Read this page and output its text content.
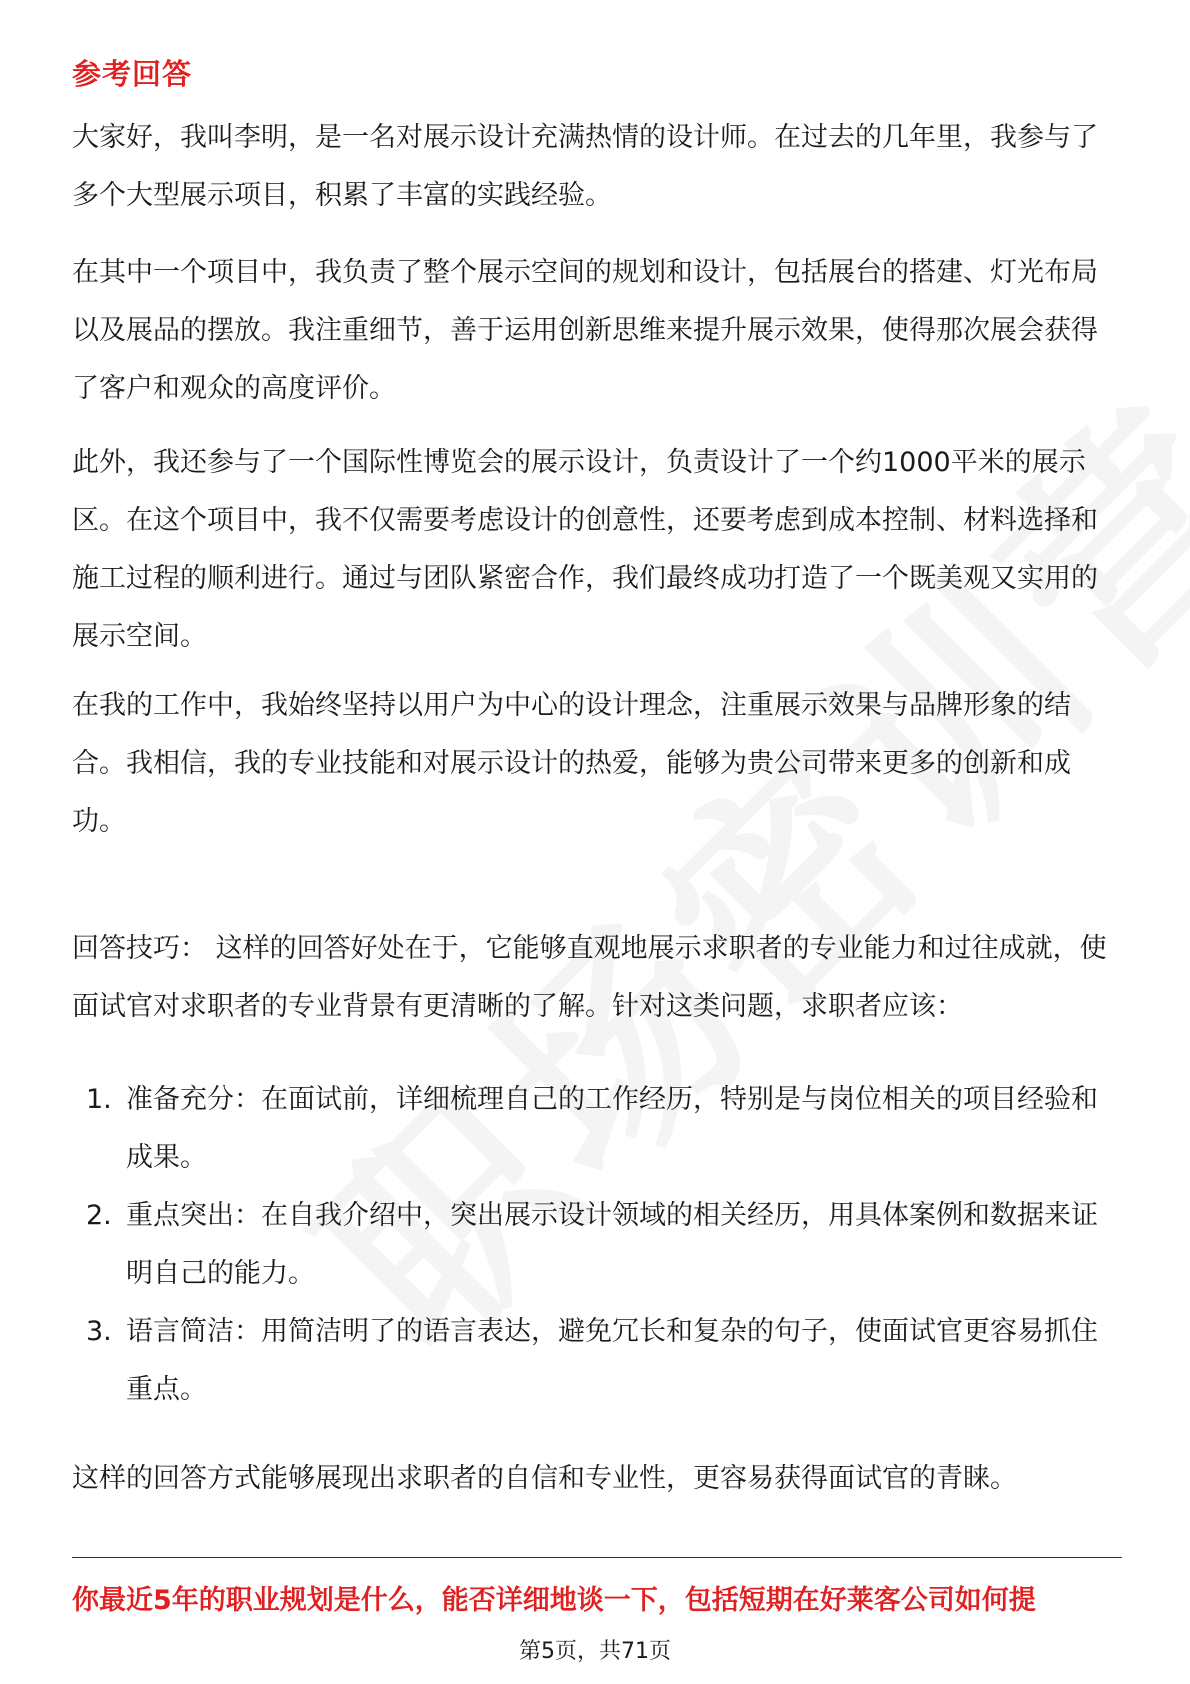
参考回答

大家好，我叫李明，是一名对展示设计充满热情的设计师。在过去的几年里，我参与了多个大型展示项目，积累了丰富的实践经验。

在其中一个项目中，我负责了整个展示空间的规划和设计，包括展台的搭建、灯光布局以及展品的摆放。我注重细节，善于运用创新思维来提升展示效果，使得那次展会获得了客户和观众的高度评价。

此外，我还参与了一个国际性博览会的展示设计，负责设计了一个约1000平米的展示区。在这个项目中，我不仅需要考虑设计的创意性，还要考虑到成本控制、材料选择和施工过程的顺利进行。通过与团队紧密合作，我们最终成功打造了一个既美观又实用的展示空间。

在我的工作中，我始终坚持以用户为中心的设计理念，注重展示效果与品牌形象的结合。我相信，我的专业技能和对展示设计的热爱，能够为贵公司带来更多的创新和成功。

回答技巧： 这样的回答好处在于，它能够直观地展示求职者的专业能力和过往成就，使面试官对求职者的专业背景有更清晰的了解。针对这类问题，求职者应该：

1. 准备充分：在面试前，详细梳理自己的工作经历，特别是与岗位相关的项目经验和成果。
2. 重点突出：在自我介绍中，突出展示设计领域的相关经历，用具体案例和数据来证明自己的能力。
3. 语言简洁：用简洁明了的语言表达，避免冗长和复杂的句子，使面试官更容易抓住重点。

这样的回答方式能够展现出求职者的自信和专业性，更容易获得面试官的青睐。

你最近5年的职业规划是什么，能否详细地谈一下，包括短期在好莱客公司如何提
第5页，共71页
